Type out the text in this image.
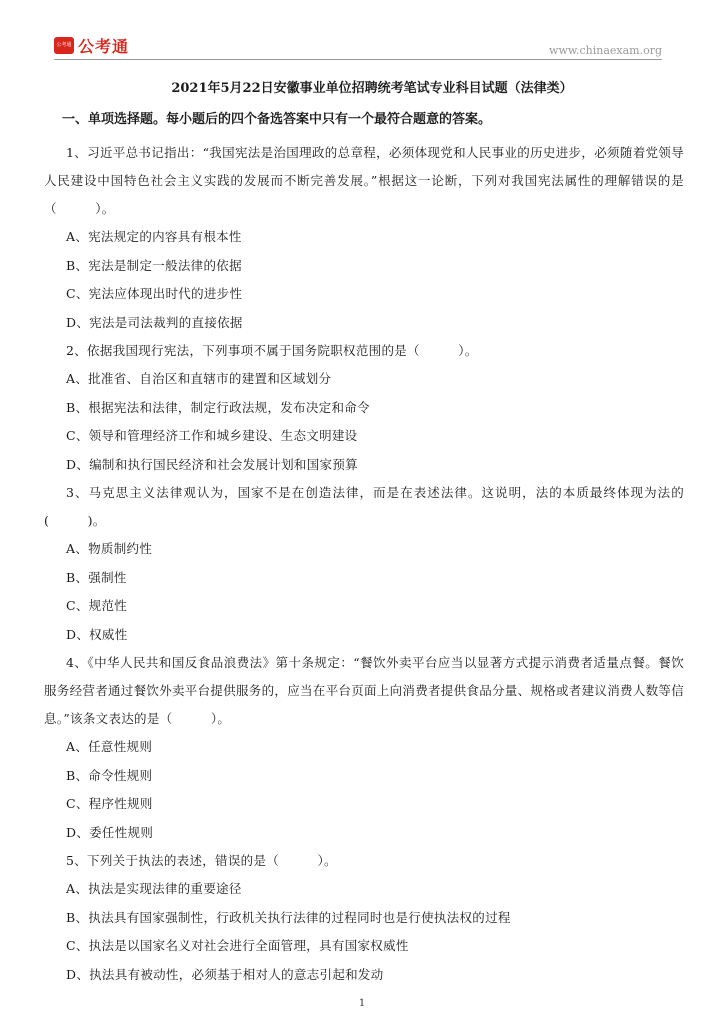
公考通 公考通	www.chinaexam.org
2021年5月22日安徽事业单位招聘统考笔试专业科目试题（法律类）
一、单项选择题。每小题后的四个备选答案中只有一个最符合题意的答案。

1、习近平总书记指出：“我国宪法是治国理政的总章程，必须体现党和人民事业的历史进步，必须随着党领导人民建设中国特色社会主义实践的发展而不断完善发展。”根据这一论断，下列对我国宪法属性的理解错误的是（　　　）。

A、宪法规定的内容具有根本性

B、宪法是制定一般法律的依据

C、宪法应体现出时代的进步性

D、宪法是司法裁判的直接依据

2、依据我国现行宪法，下列事项不属于国务院职权范围的是（　　　）。

A、批准省、自治区和直辖市的建置和区域划分

B、根据宪法和法律，制定行政法规，发布决定和命令

C、领导和管理经济工作和城乡建设、生态文明建设

D、编制和执行国民经济和社会发展计划和国家预算

3、马克思主义法律观认为，国家不是在创造法律，而是在表述法律。这说明，法的本质最终体现为法的(　　　)。

A、物质制约性

B、强制性

C、规范性

D、权威性

4、《中华人民共和国反食品浪费法》第十条规定：“餐饮外卖平台应当以显著方式提示消费者适量点餐。餐饮服务经营者通过餐饮外卖平台提供服务的，应当在平台页面上向消费者提供食品分量、规格或者建议消费人数等信息。”该条文表达的是（　　　）。

A、任意性规则

B、命令性规则

C、程序性规则

D、委任性规则

5、下列关于执法的表述，错误的是（　　　）。

A、执法是实现法律的重要途径

B、执法具有国家强制性，行政机关执行法律的过程同时也是行使执法权的过程

C、执法是以国家名义对社会进行全面管理，具有国家权威性

D、执法具有被动性，必须基于相对人的意志引起和发动

1
